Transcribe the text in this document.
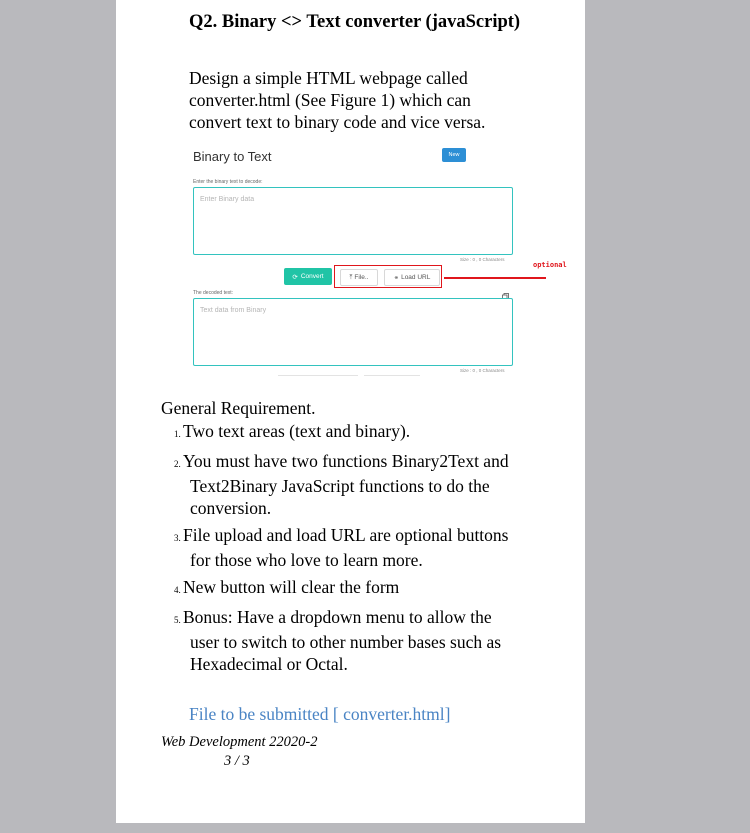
Q2. Binary <> Text converter (javaScript)
Design a simple HTML webpage called converter.html (See Figure 1) which can convert text to binary code and vice versa.
Binary to Text	New
Enter the binary text to decode:
Enter Binary data
Size : 0 , 0 Characters
⟳ Convert	⤒ File..	⚭ Load URL
optional
The decoded text:
Text data from Binary
Size : 0 , 0 Characters
General Requirement.
1. Two text areas (text and binary).
2. You must have two functions Binary2Text and
Text2Binary JavaScript functions to do the conversion.
3. File upload and load URL are optional buttons
for those who love to learn more.
4. New button will clear the form
5. Bonus: Have a dropdown menu to allow the
user to switch to other number bases such as Hexadecimal or Octal.
File to be submitted [ converter.html]
Web Development 22020-2
3 / 3
